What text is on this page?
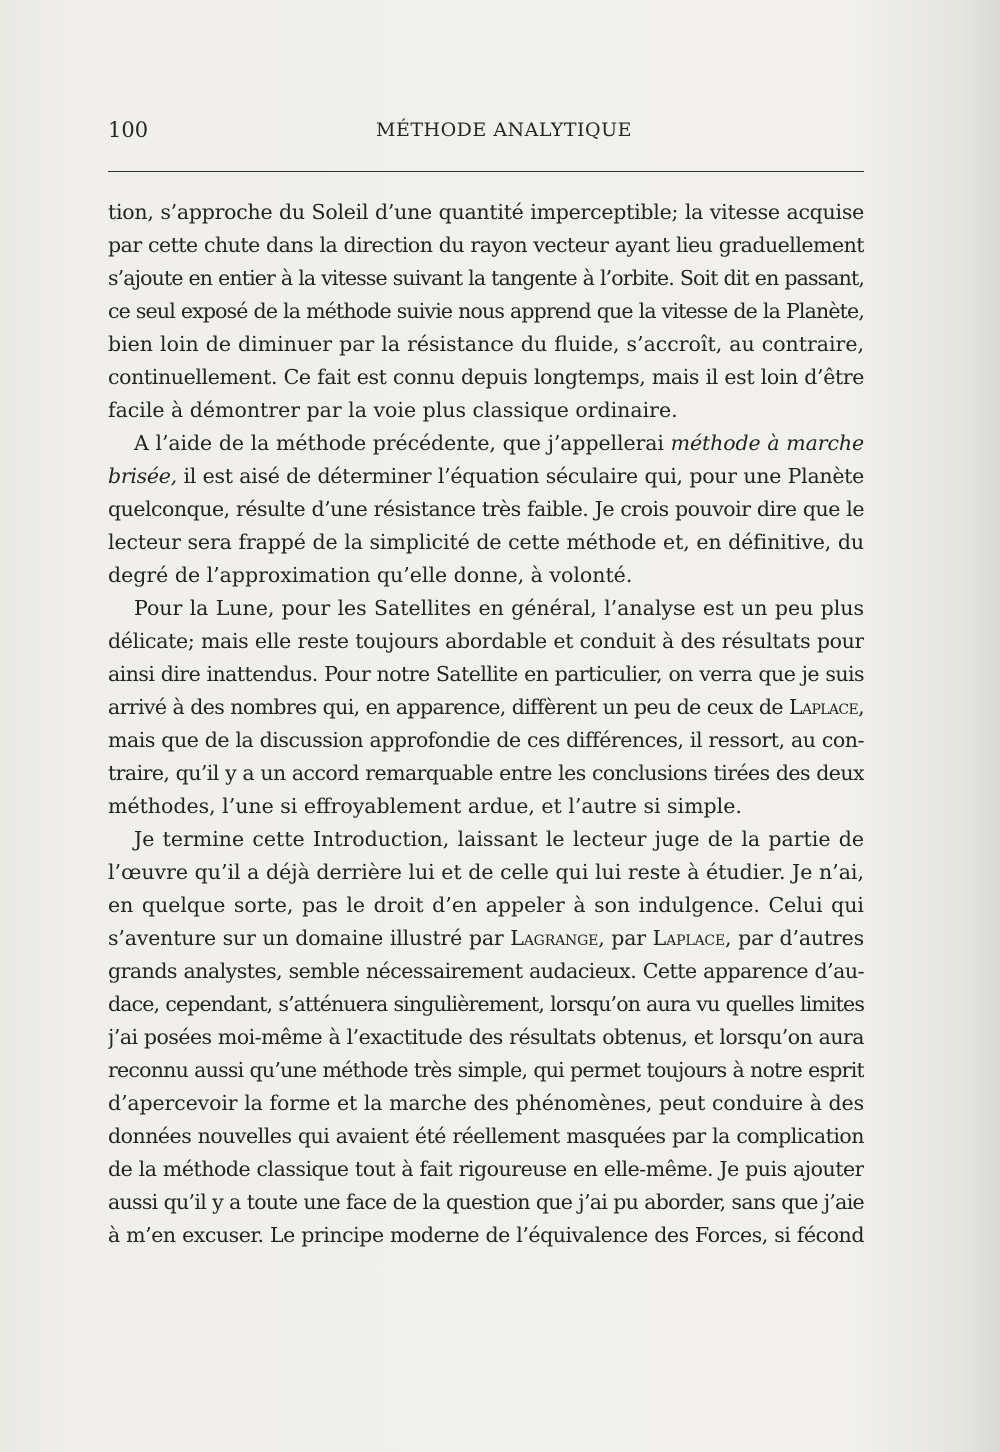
100	MÉTHODE ANALYTIQUE
tion, s’approche du Soleil d’une quantité imperceptible; la vitesse acquise
par cette chute dans la direction du rayon vecteur ayant lieu graduellement
s’ajoute en entier à la vitesse suivant la tangente à l’orbite. Soit dit en passant,
ce seul exposé de la méthode suivie nous apprend que la vitesse de la Planète,
bien loin de diminuer par la résistance du fluide, s’accroît, au contraire,
continuellement. Ce fait est connu depuis longtemps, mais il est loin d’être
facile à démontrer par la voie plus classique ordinaire.
A l’aide de la méthode précédente, que j’appellerai méthode à marche
brisée, il est aisé de déterminer l’équation séculaire qui, pour une Planète
quelconque, résulte d’une résistance très faible. Je crois pouvoir dire que le
lecteur sera frappé de la simplicité de cette méthode et, en définitive, du
degré de l’approximation qu’elle donne, à volonté.
Pour la Lune, pour les Satellites en général, l’analyse est un peu plus
délicate; mais elle reste toujours abordable et conduit à des résultats pour
ainsi dire inattendus. Pour notre Satellite en particulier, on verra que je suis
arrivé à des nombres qui, en apparence, diffèrent un peu de ceux de Laplace,
mais que de la discussion approfondie de ces différences, il ressort, au con-
traire, qu’il y a un accord remarquable entre les conclusions tirées des deux
méthodes, l’une si effroyablement ardue, et l’autre si simple.
Je termine cette Introduction, laissant le lecteur juge de la partie de
l’œuvre qu’il a déjà derrière lui et de celle qui lui reste à étudier. Je n’ai,
en quelque sorte, pas le droit d’en appeler à son indulgence. Celui qui
s’aventure sur un domaine illustré par Lagrange, par Laplace, par d’autres
grands analystes, semble nécessairement audacieux. Cette apparence d’au-
dace, cependant, s’atténuera singulièrement, lorsqu’on aura vu quelles limites
j’ai posées moi-même à l’exactitude des résultats obtenus, et lorsqu’on aura
reconnu aussi qu’une méthode très simple, qui permet toujours à notre esprit
d’apercevoir la forme et la marche des phénomènes, peut conduire à des
données nouvelles qui avaient été réellement masquées par la complication
de la méthode classique tout à fait rigoureuse en elle-même. Je puis ajouter
aussi qu’il y a toute une face de la question que j’ai pu aborder, sans que j’aie
à m’en excuser. Le principe moderne de l’équivalence des Forces, si fécond
